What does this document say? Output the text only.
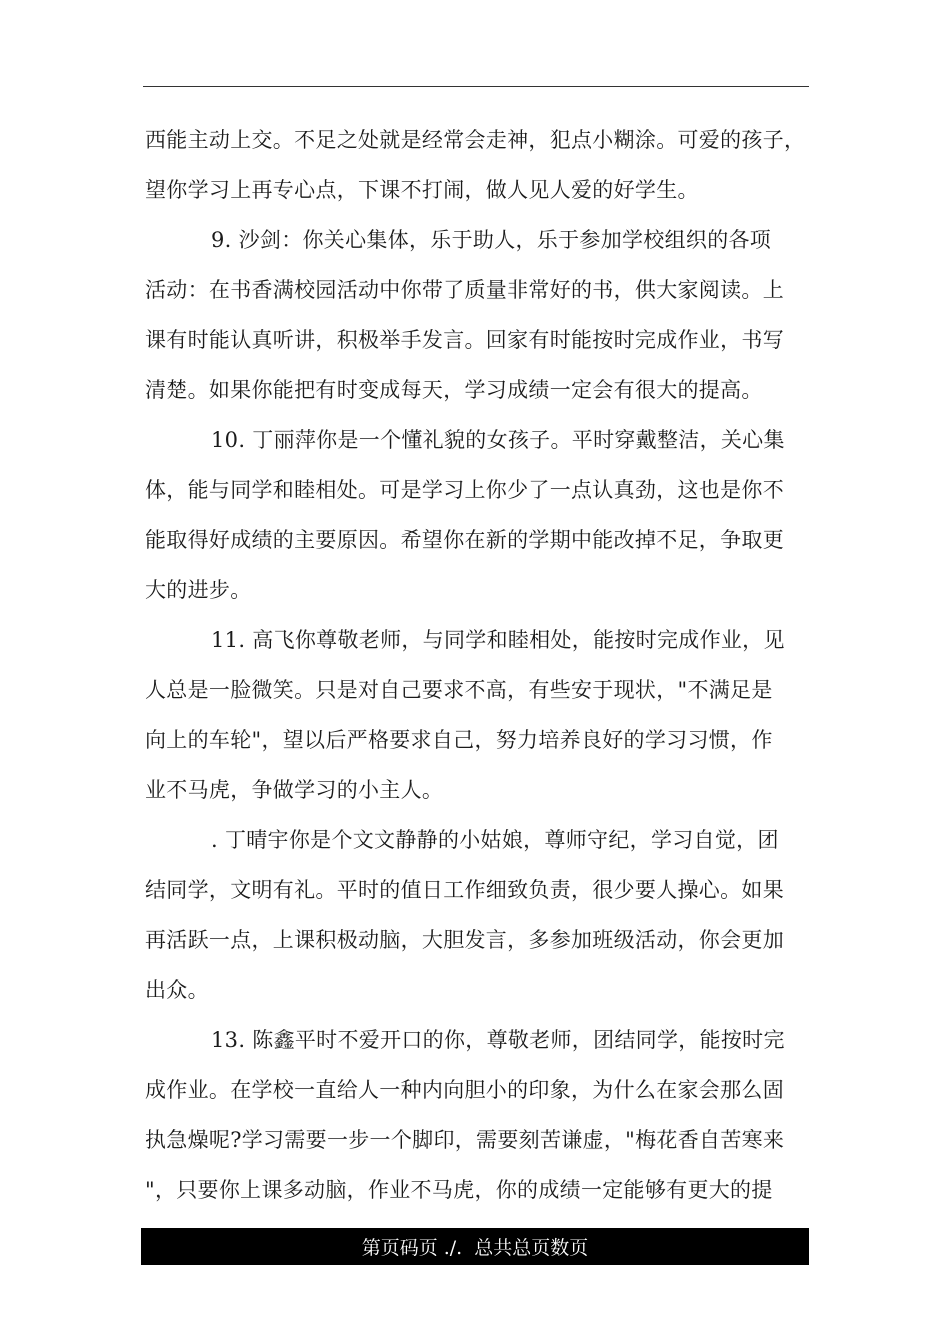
西能主动上交。不足之处就是经常会走神，犯点小糊涂。可爱的孩子，
望你学习上再专心点，下课不打闹，做人见人爱的好学生。
9. 沙剑：你关心集体，乐于助人，乐于参加学校组织的各项
活动：在书香满校园活动中你带了质量非常好的书，供大家阅读。上
课有时能认真听讲，积极举手发言。回家有时能按时完成作业，书写
清楚。如果你能把有时变成每天，学习成绩一定会有很大的提高。
10. 丁丽萍你是一个懂礼貌的女孩子。平时穿戴整洁，关心集
体，能与同学和睦相处。可是学习上你少了一点认真劲，这也是你不
能取得好成绩的主要原因。希望你在新的学期中能改掉不足，争取更
大的进步。
11. 高飞你尊敬老师，与同学和睦相处，能按时完成作业，见
人总是一脸微笑。只是对自己要求不高，有些安于现状，"不满足是
向上的车轮"，望以后严格要求自己，努力培养良好的学习习惯，作
业不马虎，争做学习的小主人。
. 丁晴宇你是个文文静静的小姑娘，尊师守纪，学习自觉，团
结同学，文明有礼。平时的值日工作细致负责，很少要人操心。如果
再活跃一点，上课积极动脑，大胆发言，多参加班级活动，你会更加
出众。
13. 陈鑫平时不爱开口的你，尊敬老师，团结同学，能按时完
成作业。在学校一直给人一种内向胆小的印象，为什么在家会那么固
执急燥呢?学习需要一步一个脚印，需要刻苦谦虚，"梅花香自苦寒来
"，只要你上课多动脑，作业不马虎，你的成绩一定能够有更大的提
第页码页 ./.  总共总页数页
